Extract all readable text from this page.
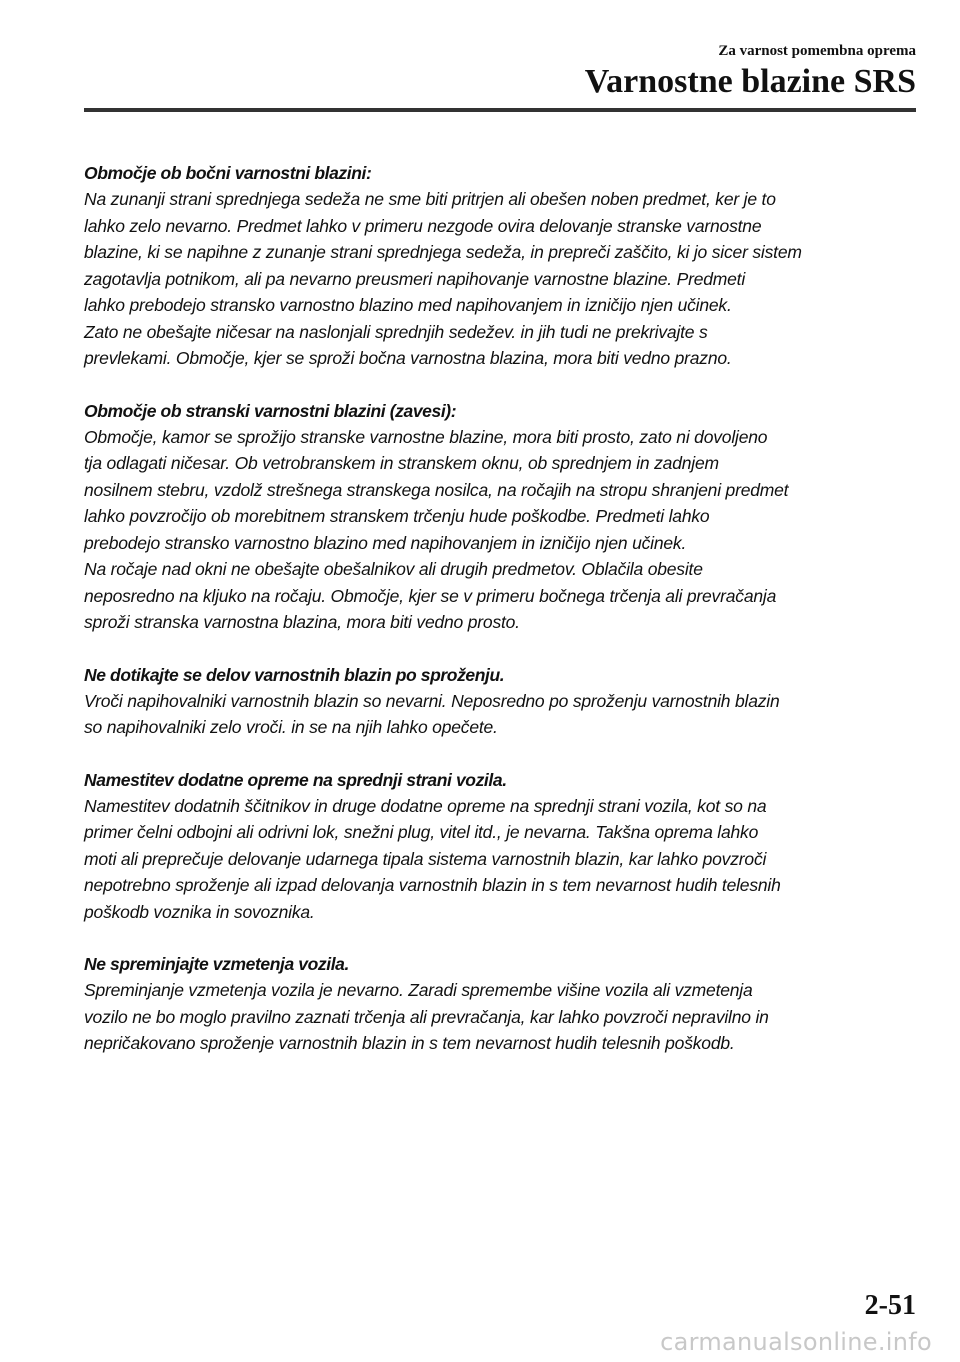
Za varnost pomembna oprema
Varnostne blazine SRS

Območje ob bočni varnostni blazini:

Na zunanji strani sprednjega sedeža ne sme biti pritrjen ali obešen noben predmet, ker je to
lahko zelo nevarno. Predmet lahko v primeru nezgode ovira delovanje stranske varnostne
blazine, ki se napihne z zunanje strani sprednjega sedeža, in prepreči zaščito, ki jo sicer sistem
zagotavlja potnikom, ali pa nevarno preusmeri napihovanje varnostne blazine. Predmeti
lahko prebodejo stransko varnostno blazino med napihovanjem in izničijo njen učinek.
Zato ne obešajte ničesar na naslonjali sprednjih sedežev. in jih tudi ne prekrivajte s
prevlekami. Območje, kjer se sproži bočna varnostna blazina, mora biti vedno prazno.

Območje ob stranski varnostni blazini (zavesi):

Območje, kamor se sprožijo stranske varnostne blazine, mora biti prosto, zato ni dovoljeno
tja odlagati ničesar. Ob vetrobranskem in stranskem oknu, ob sprednjem in zadnjem
nosilnem stebru, vzdolž strešnega stranskega nosilca, na ročajih na stropu shranjeni predmet
lahko povzročijo ob morebitnem stranskem trčenju hude poškodbe. Predmeti lahko
prebodejo stransko varnostno blazino med napihovanjem in izničijo njen učinek.
Na ročaje nad okni ne obešajte obešalnikov ali drugih predmetov. Oblačila obesite
neposredno na kljuko na ročaju. Območje, kjer se v primeru bočnega trčenja ali prevračanja
sproži stranska varnostna blazina, mora biti vedno prosto.

Ne dotikajte se delov varnostnih blazin po sproženju.

Vroči napihovalniki varnostnih blazin so nevarni. Neposredno po sproženju varnostnih blazin
so napihovalniki zelo vroči. in se na njih lahko opečete.

Namestitev dodatne opreme na sprednji strani vozila.

Namestitev dodatnih ščitnikov in druge dodatne opreme na sprednji strani vozila, kot so na
primer čelni odbojni ali odrivni lok, snežni plug, vitel itd., je nevarna. Takšna oprema lahko
moti ali preprečuje delovanje udarnega tipala sistema varnostnih blazin, kar lahko povzroči
nepotrebno sproženje ali izpad delovanja varnostnih blazin in s tem nevarnost hudih telesnih
poškodb voznika in sovoznika.

Ne spreminjajte vzmetenja vozila.

Spreminjanje vzmetenja vozila je nevarno. Zaradi spremembe višine vozila ali vzmetenja
vozilo ne bo moglo pravilno zaznati trčenja ali prevračanja, kar lahko povzroči nepravilno in
nepričakovano sproženje varnostnih blazin in s tem nevarnost hudih telesnih poškodb.
2-51
carmanualsonline.info
